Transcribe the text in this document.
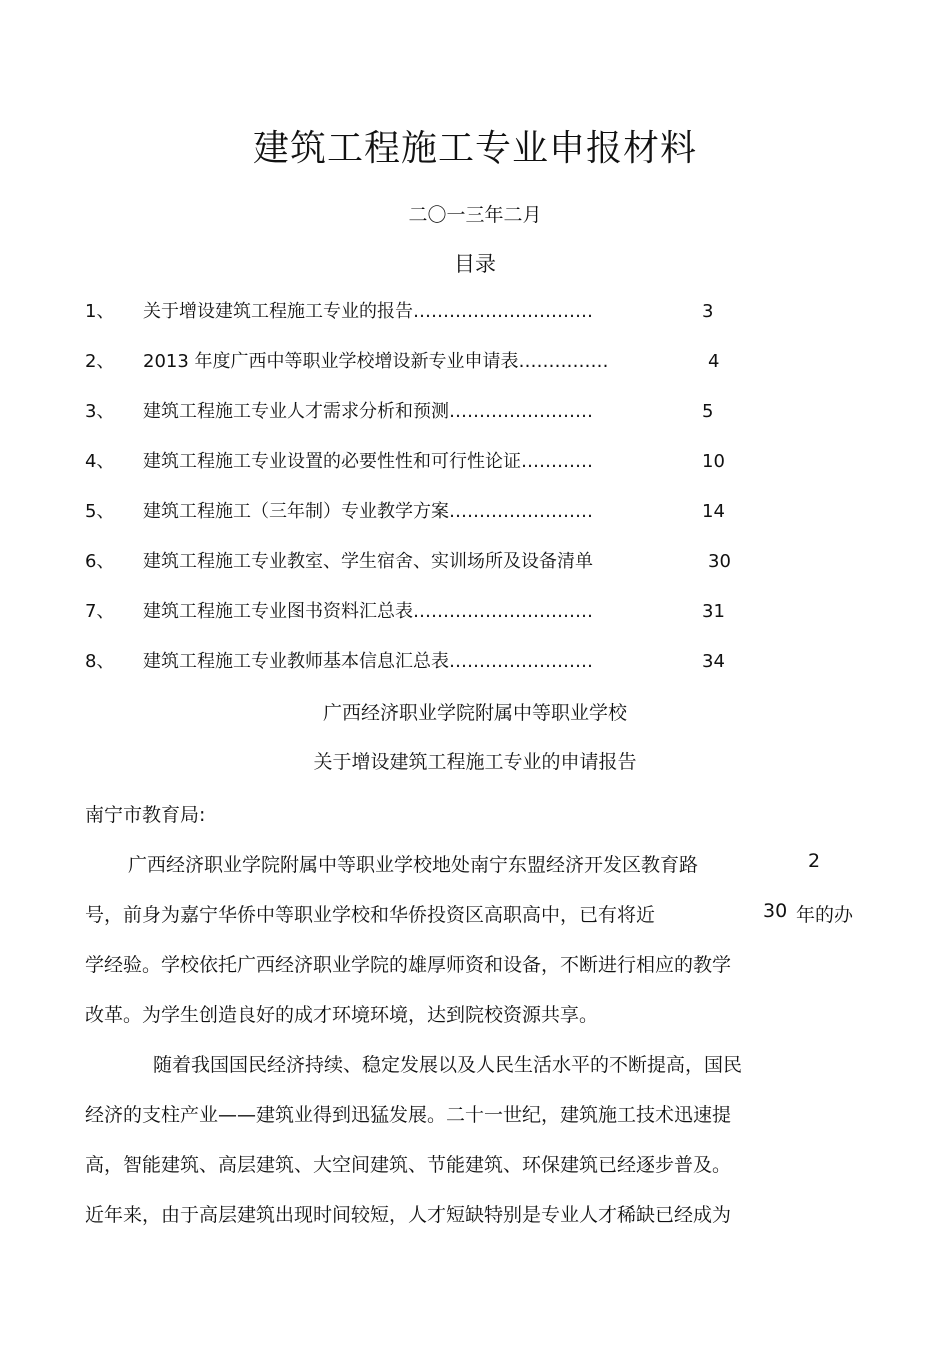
建筑工程施工专业申报材料
二〇一三年二月
目录
1、 关于增设建筑工程施工专业的报告…………………………	3
2、 2013 年度广西中等职业学校增设新专业申请表……………	4
3、 建筑工程施工专业人才需求分析和预测……………………	5
4、 建筑工程施工专业设置的必要性性和可行性论证…………	10
5、 建筑工程施工（三年制）专业教学方案……………………	14
6、 建筑工程施工专业教室、学生宿舍、实训场所及设备清单	30
7、 建筑工程施工专业图书资料汇总表…………………………	31
8、 建筑工程施工专业教师基本信息汇总表……………………	34
广西经济职业学院附属中等职业学校
关于增设建筑工程施工专业的申请报告
南宁市教育局:
广西经济职业学院附属中等职业学校地处南宁东盟经济开发区教育路	2
号，前身为嘉宁华侨中等职业学校和华侨投资区高职高中，已有将近	30 年的办
学经验。学校依托广西经济职业学院的雄厚师资和设备，不断进行相应的教学
改革。为学生创造良好的成才环境环境，达到院校资源共享。
随着我国国民经济持续、稳定发展以及人民生活水平的不断提高，国民
经济的支柱产业——建筑业得到迅猛发展。二十一世纪，建筑施工技术迅速提
高，智能建筑、高层建筑、大空间建筑、节能建筑、环保建筑已经逐步普及。
近年来，由于高层建筑出现时间较短，人才短缺特别是专业人才稀缺已经成为
